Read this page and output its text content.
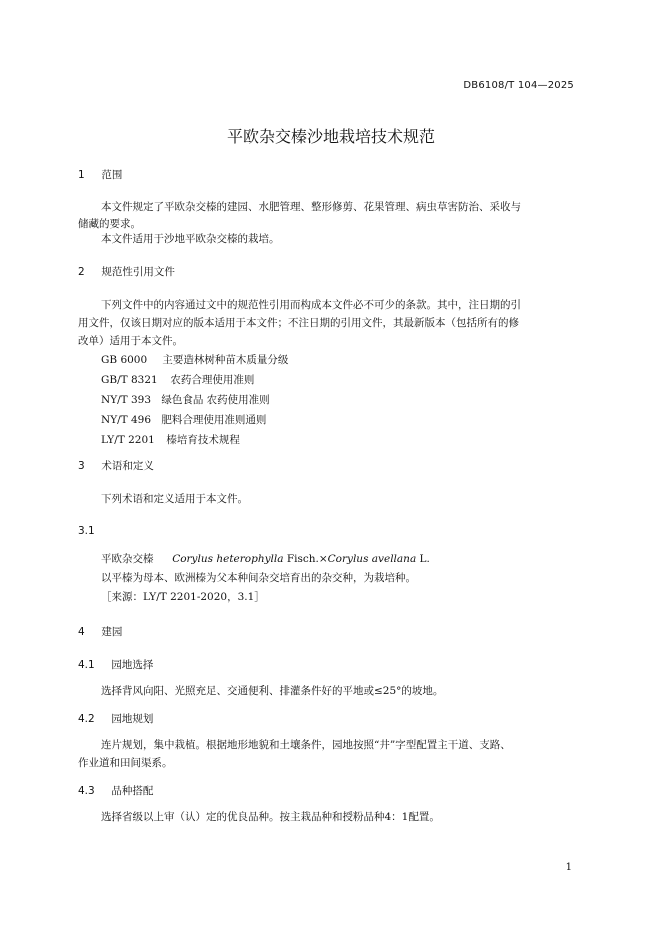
DB6108/T 104—2025
平欧杂交榛沙地栽培技术规范
1 范围
本文件规定了平欧杂交榛的建园、水肥管理、整形修剪、花果管理、病虫草害防治、采收与
储藏的要求。
本文件适用于沙地平欧杂交榛的栽培。
2 规范性引用文件
下列文件中的内容通过文中的规范性引用而构成本文件必不可少的条款。其中，注日期的引
用文件，仅该日期对应的版本适用于本文件；不注日期的引用文件，其最新版本（包括所有的修
改单）适用于本文件。
GB 6000 主要造林树种苗木质量分级
GB/T 8321 农药合理使用准则
NY/T 393 绿色食品 农药使用准则
NY/T 496 肥料合理使用准则通则
LY/T 2201 榛培育技术规程
3 术语和定义
下列术语和定义适用于本文件。
3.1
平欧杂交榛 Corylus heterophylla Fisch.×Corylus avellana L.
以平榛为母本、欧洲榛为父本种间杂交培育出的杂交种，为栽培种。
［来源：LY/T 2201-2020，3.1］
4 建园
4.1 园地选择
选择背风向阳、光照充足、交通便利、排灌条件好的平地或≤25°的坡地。
4.2 园地规划
连片规划，集中栽植。根据地形地貌和土壤条件，园地按照“井”字型配置主干道、支路、
作业道和田间渠系。
4.3 品种搭配
选择省级以上审（认）定的优良品种。按主栽品种和授粉品种4：1配置。
1
